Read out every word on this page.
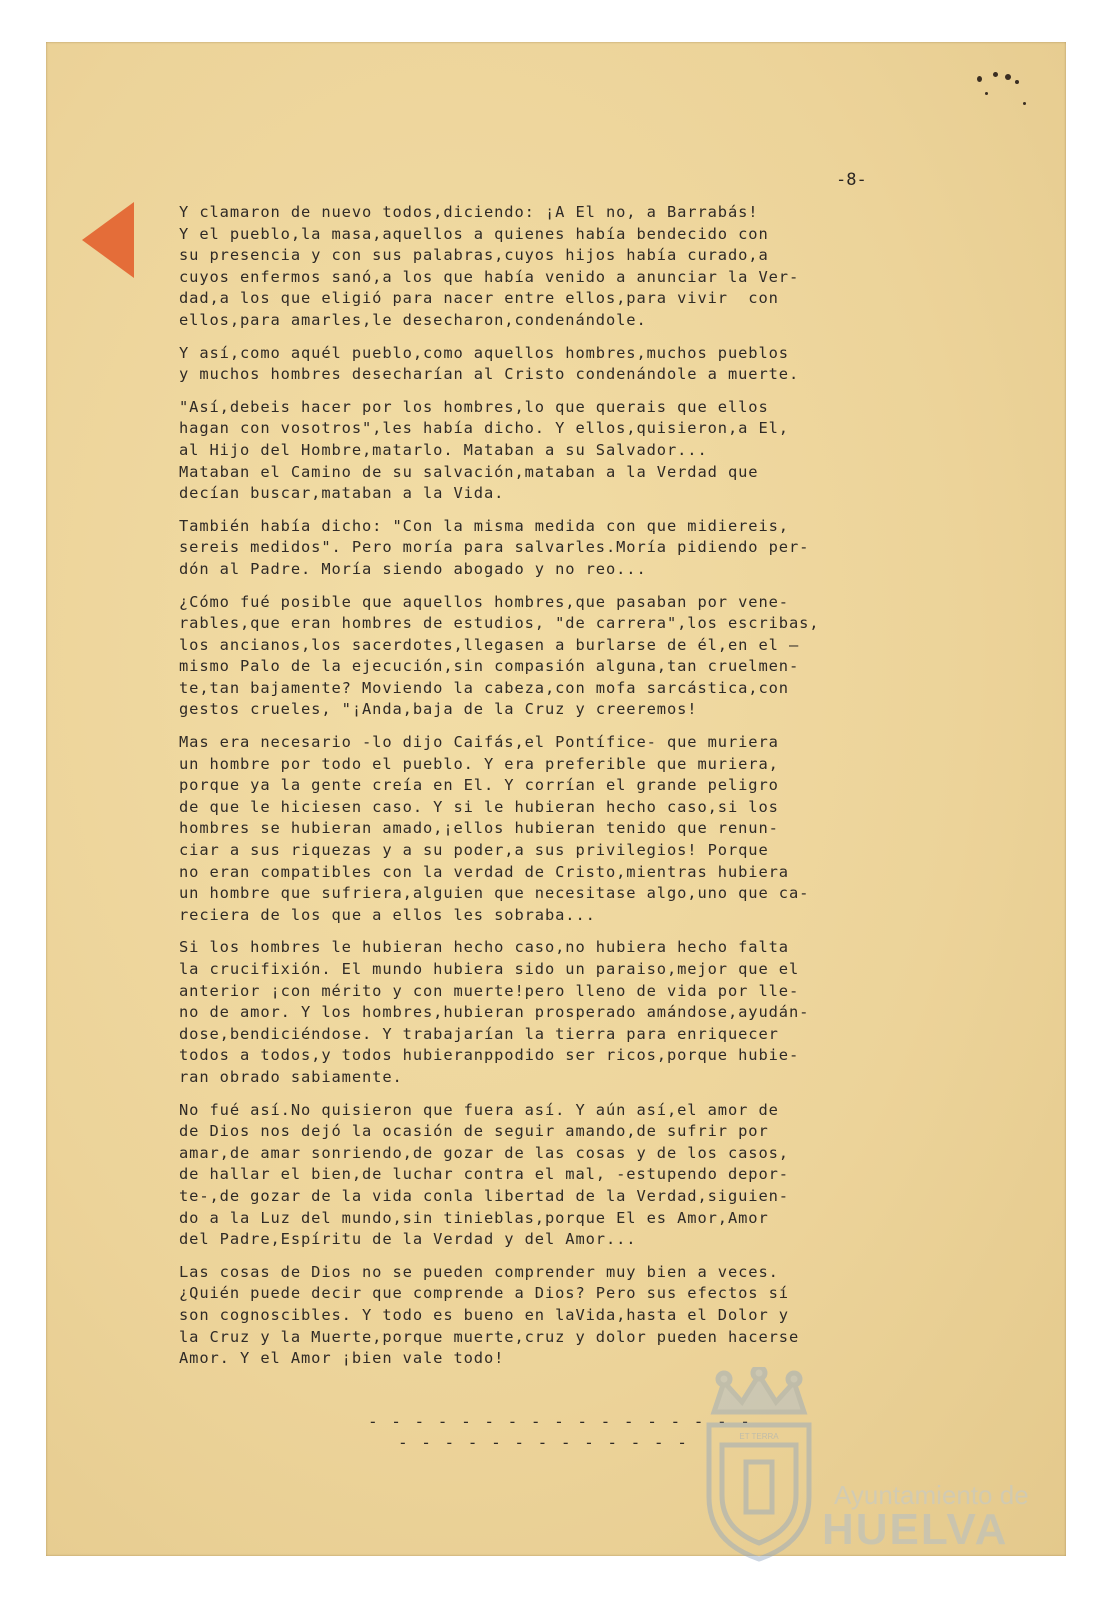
-8-
Y clamaron de nuevo todos,diciendo: ¡A El no, a Barrabás!
Y el pueblo,la masa,aquellos a quienes había bendecido con
su presencia y con sus palabras,cuyos hijos había curado,a
cuyos enfermos sanó,a los que había venido a anunciar la Ver-
dad,a los que eligió para nacer entre ellos,para vivir  con
ellos,para amarles,le desecharon,condenándole.
Y así,como aquél pueblo,como aquellos hombres,muchos pueblos
y muchos hombres desecharían al Cristo condenándole a muerte.
"Así,debeis hacer por los hombres,lo que querais que ellos
hagan con vosotros",les había dicho. Y ellos,quisieron,a El,
al Hijo del Hombre,matarlo. Mataban a su Salvador...
Mataban el Camino de su salvación,mataban a la Verdad que
decían buscar,mataban a la Vida.
También había dicho: "Con la misma medida con que midiereis,
sereis medidos". Pero moría para salvarles.Moría pidiendo per-
dón al Padre. Moría siendo abogado y no reo...
¿Cómo fué posible que aquellos hombres,que pasaban por vene-
rables,que eran hombres de estudios, "de carrera",los escribas,
los ancianos,los sacerdotes,llegasen a burlarse de él,en el —
mismo Palo de la ejecución,sin compasión alguna,tan cruelmen-
te,tan bajamente? Moviendo la cabeza,con mofa sarcástica,con
gestos crueles, "¡Anda,baja de la Cruz y creeremos!
Mas era necesario -lo dijo Caifás,el Pontífice- que muriera
un hombre por todo el pueblo. Y era preferible que muriera,
porque ya la gente creía en El. Y corrían el grande peligro
de que le hiciesen caso. Y si le hubieran hecho caso,si los
hombres se hubieran amado,¡ellos hubieran tenido que renun-
ciar a sus riquezas y a su poder,a sus privilegios! Porque
no eran compatibles con la verdad de Cristo,mientras hubiera
un hombre que sufriera,alguien que necesitase algo,uno que ca-
reciera de los que a ellos les sobraba...
Si los hombres le hubieran hecho caso,no hubiera hecho falta
la crucifixión. El mundo hubiera sido un paraiso,mejor que el
anterior ¡con mérito y con muerte!pero lleno de vida por lle-
no de amor. Y los hombres,hubieran prosperado amándose,ayudán-
dose,bendiciéndose. Y trabajarían la tierra para enriquecer
todos a todos,y todos hubieranppodido ser ricos,porque hubie-
ran obrado sabiamente.
No fué así.No quisieron que fuera así. Y aún así,el amor de
de Dios nos dejó la ocasión de seguir amando,de sufrir por
amar,de amar sonriendo,de gozar de las cosas y de los casos,
de hallar el bien,de luchar contra el mal, -estupendo depor-
te-,de gozar de la vida conla libertad de la Verdad,siguien-
do a la Luz del mundo,sin tinieblas,porque El es Amor,Amor
del Padre,Espíritu de la Verdad y del Amor...
Las cosas de Dios no se pueden comprender muy bien a veces.
¿Quién puede decir que comprende a Dios? Pero sus efectos sí
son cognoscibles. Y todo es bueno en laVida,hasta el Dolor y
la Cruz y la Muerte,porque muerte,cruz y dolor pueden hacerse
Amor. Y el Amor ¡bien vale todo!
- - - - - - - - - - - - - - - - -
- - - - - - - - - - - - -	ET TERRA
Ayuntamiento de
HUELVA
